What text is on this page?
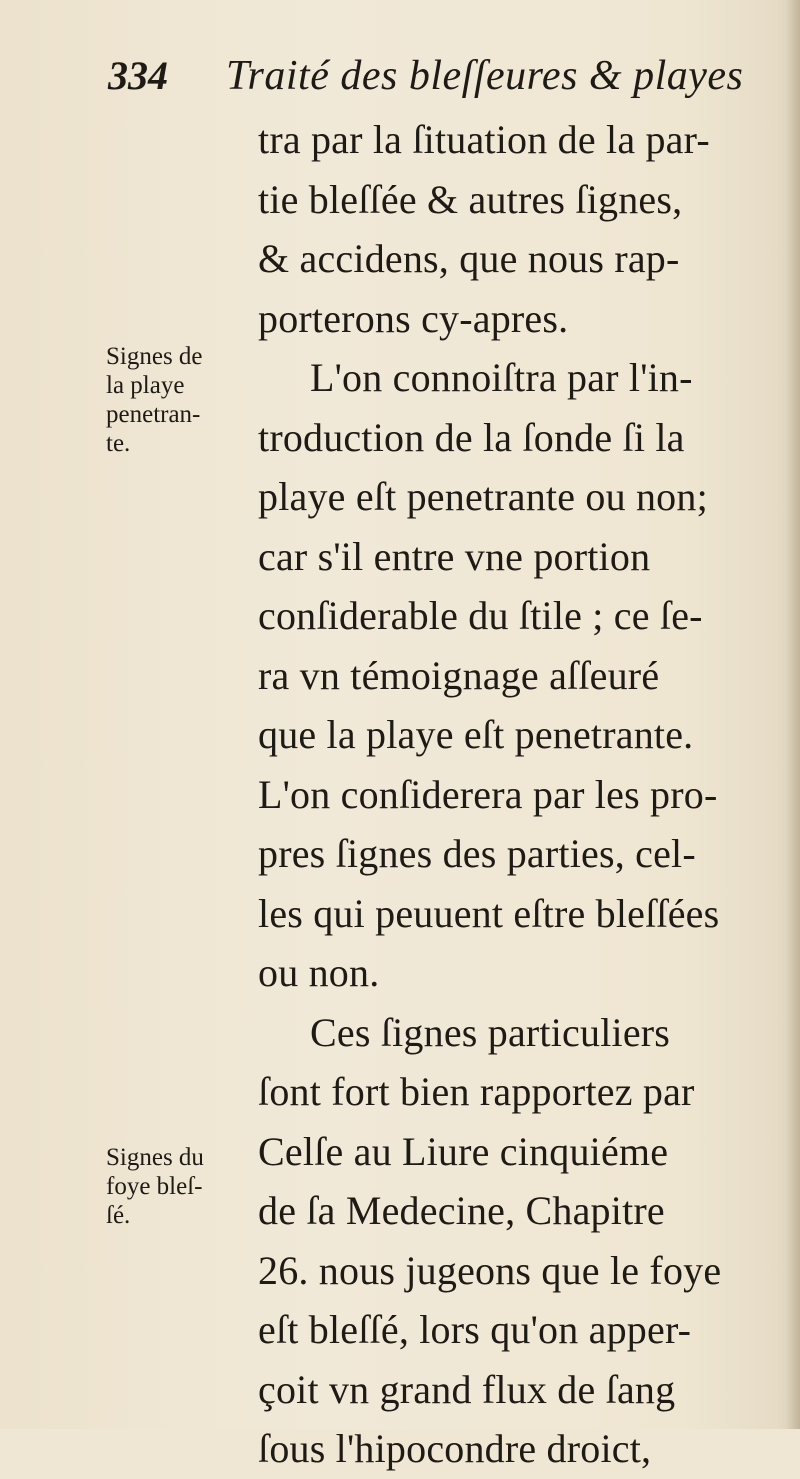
334 Traité des bleſſeures & playes
tra par la ſituation de la par-
tie bleſſée & autres ſignes,
& accidens, que nous rap-
porterons cy-apres.
L'on connoiſtra par l'in-
troduction de la ſonde ſi la
playe eſt penetrante ou non;
car s'il entre vne portion
conſiderable du ſtile ; ce ſe-
ra vn témoignage aſſeuré
que la playe eſt penetrante.
L'on conſiderera par les pro-
pres ſignes des parties, cel-
les qui peuuent eſtre bleſſées
ou non.
Ces ſignes particuliers
ſont fort bien rapportez par
Celſe au Liure cinquiéme
de ſa Medecine, Chapitre
26. nous jugeons que le foye
eſt bleſſé, lors qu'on apper-
çoit vn grand flux de ſang
ſous l'hipocondre droict,
Signes de
la playe
penetran-
te.
Signes du
foye bleſ-
ſé.
